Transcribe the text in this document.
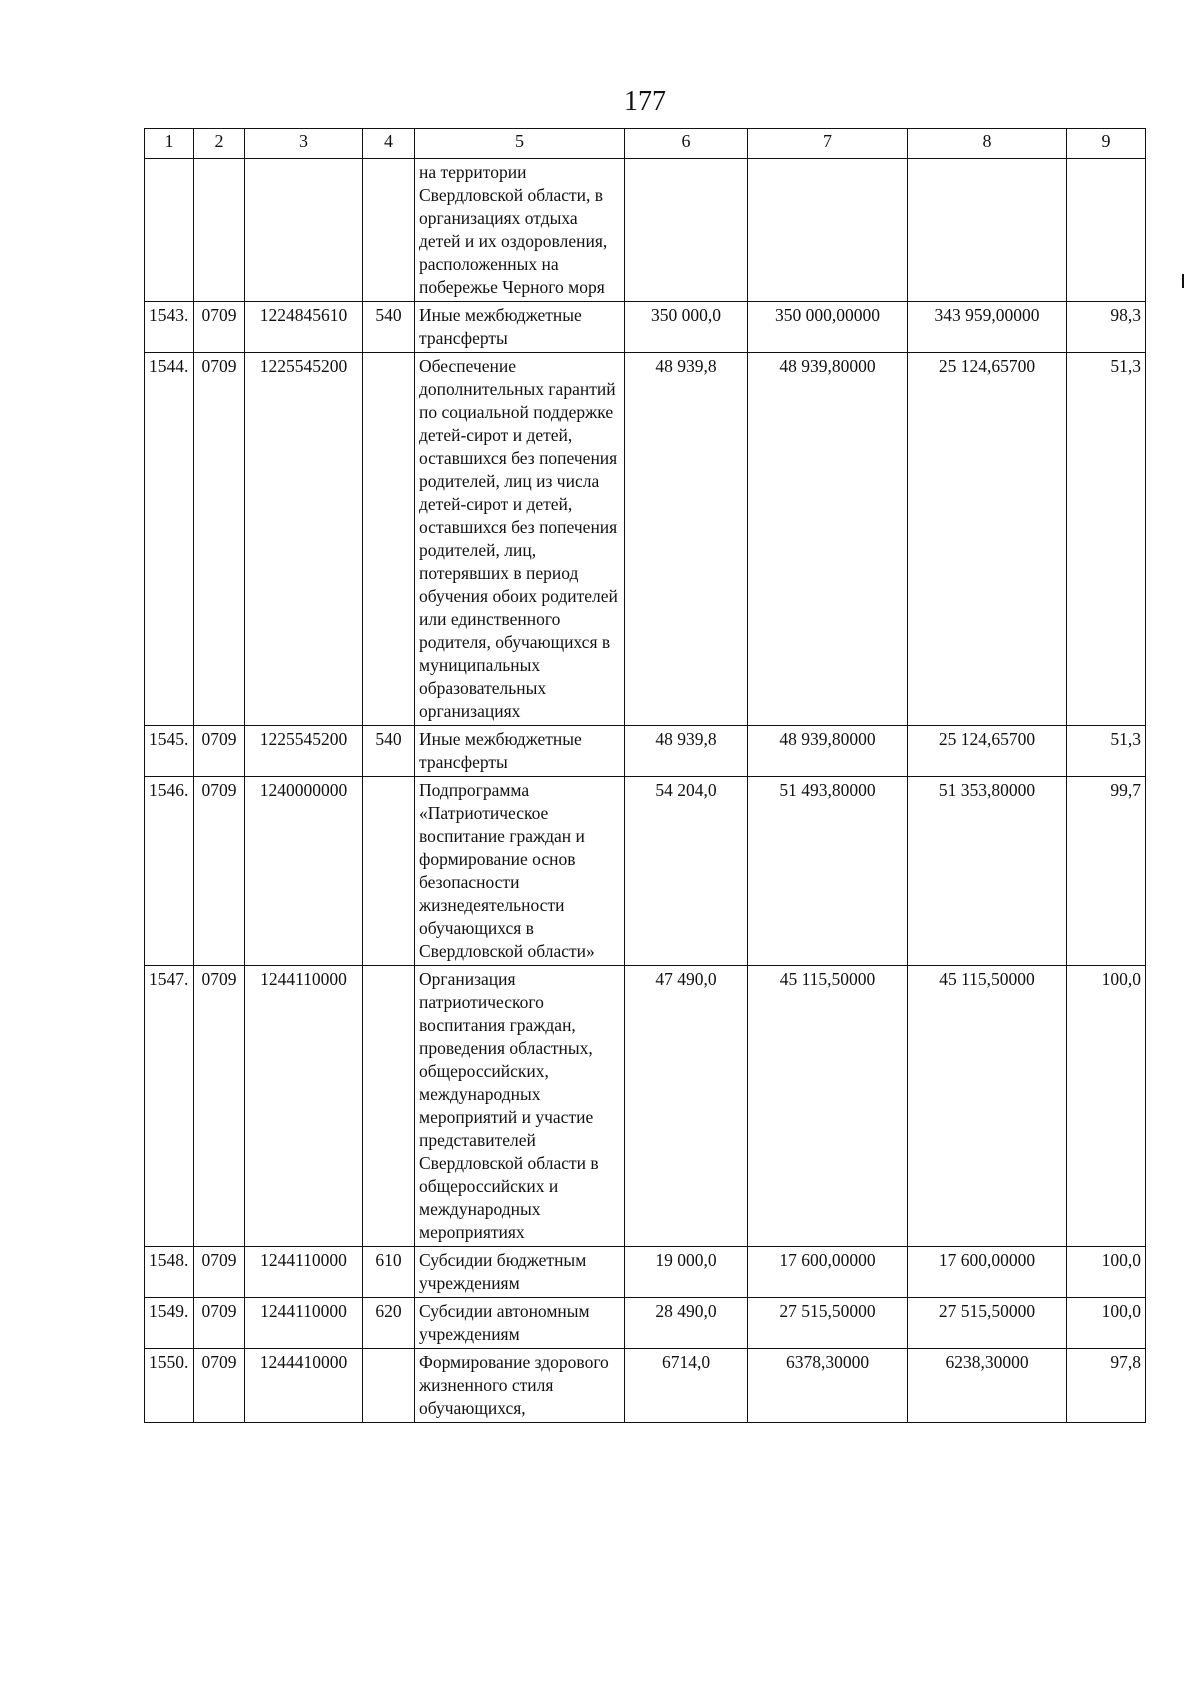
177
1	2	3	4	5	6	7	8	9
				на территории Свердловской области, в организациях отдыха детей и их оздоровления, расположенных на побережье Черного моря				
1543.	0709	1224845610	540	Иные межбюджетные трансферты	350 000,0	350 000,00000	343 959,00000	98,3
1544.	0709	1225545200		Обеспечение дополнительных гарантий по социальной поддержке детей-сирот и детей, оставшихся без попечения родителей, лиц из числа детей-сирот и детей, оставшихся без попечения родителей, лиц, потерявших в период обучения обоих родителей или единственного родителя, обучающихся в муниципальных образовательных организациях	48 939,8	48 939,80000	25 124,65700	51,3
1545.	0709	1225545200	540	Иные межбюджетные трансферты	48 939,8	48 939,80000	25 124,65700	51,3
1546.	0709	1240000000		Подпрограмма «Патриотическое воспитание граждан и формирование основ безопасности жизнедеятельности обучающихся в Свердловской области»	54 204,0	51 493,80000	51 353,80000	99,7
1547.	0709	1244110000		Организация патриотического воспитания граждан, проведения областных, общероссийских, международных мероприятий и участие представителей Свердловской области в общероссийских и международных мероприятиях	47 490,0	45 115,50000	45 115,50000	100,0
1548.	0709	1244110000	610	Субсидии бюджетным учреждениям	19 000,0	17 600,00000	17 600,00000	100,0
1549.	0709	1244110000	620	Субсидии автономным учреждениям	28 490,0	27 515,50000	27 515,50000	100,0
1550.	0709	1244410000		Формирование здорового жизненного стиля обучающихся,	6714,0	6378,30000	6238,30000	97,8
